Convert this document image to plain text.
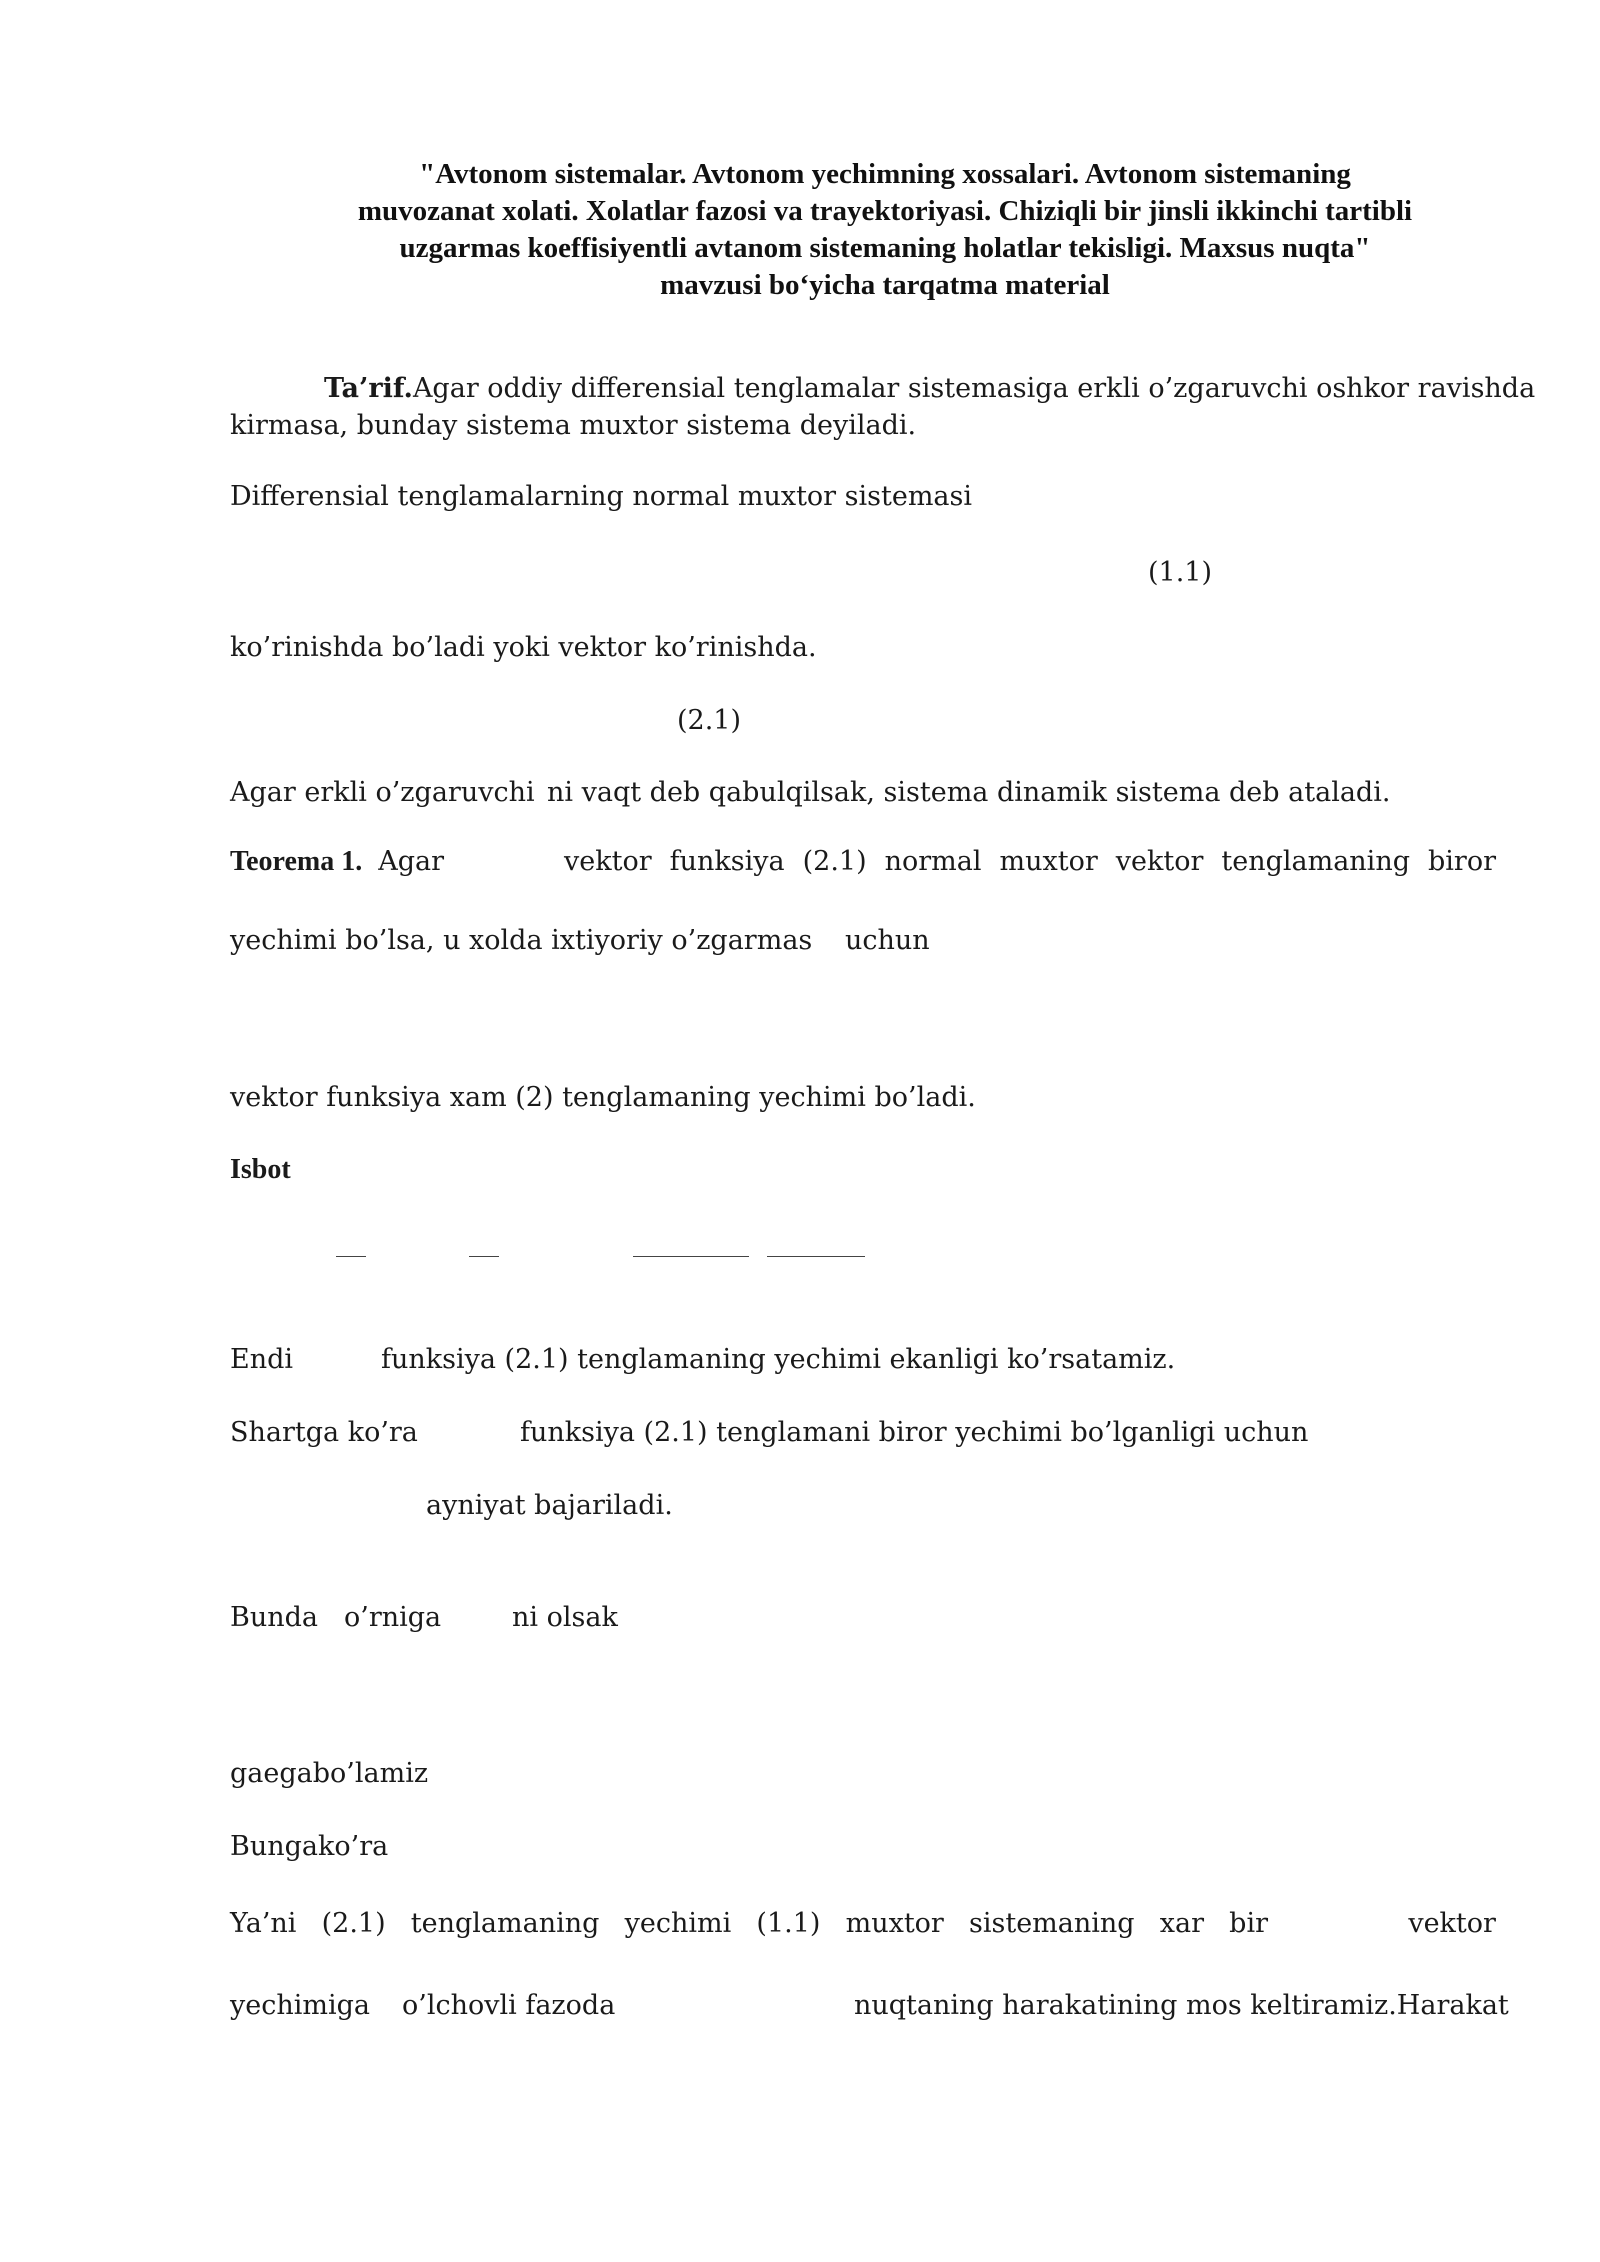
"Avtonom sistemalar. Avtonom yechimning xossalari. Avtonom sistemaning
muvozanat xolati. Xolatlar fazosi va trayektoriyasi. Chiziqli bir jinsli ikkinchi tartibli
uzgarmas koeffisiyentli avtanom sistemaning holatlar tekisligi. Maxsus nuqta"
mavzusi bo‘yicha tarqatma material
Ta’rif.Agar oddiy differensial tenglamalar sistemasiga erkli o’zgaruvchi oshkor ravishda
kirmasa, bunday sistema muxtor sistema deyiladi.
Differensial tenglamalarning normal muxtor sistemasi
(1.1)
ko’rinishda bo’ladi yoki vektor ko’rinishda.
(2.1)
Agar erkli o’zgaruvchi ni vaqt deb qabulqilsak, sistema dinamik sistema deb ataladi.
Teorema 1. Agar	vektor funksiya (2.1) normal muxtor vektor tenglamaning biror
yechimi bo’lsa, u xolda ixtiyoriy o’zgarmas uchun
vektor funksiya xam (2) tenglamaning yechimi bo’ladi.
Isbot
Endi	funksiya (2.1) tenglamaning yechimi ekanligi ko’rsatamiz.
Shartga ko’ra	funksiya (2.1) tenglamani biror yechimi bo’lganligi uchun
ayniyat bajariladi.
Bunda o’rniga	ni olsak
gaegabo’lamiz
Bungako’ra
Ya’ni (2.1) tenglamaning yechimi (1.1) muxtor sistemaning xar bir	vektor
yechimiga o’lchovli fazoda	nuqtaning harakatining mos keltiramiz.Harakat
